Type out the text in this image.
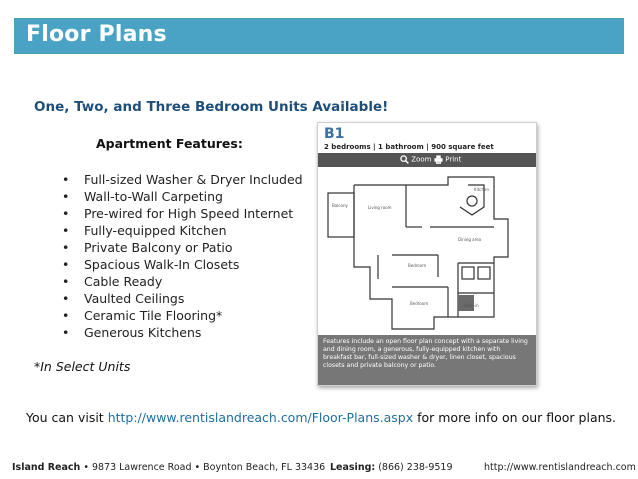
Floor Plans
One, Two, and Three Bedroom Units Available!
Apartment Features:
• Full-sized Washer & Dryer Included
• Wall-to-Wall Carpeting
• Pre-wired for High Speed Internet
• Fully-equipped Kitchen
• Private Balcony or Patio
• Spacious Walk-In Closets
• Cable Ready
• Vaulted Ceilings
• Ceramic Tile Flooring*
• Generous Kitchens
*In Select Units
B1
2 bedrooms | 1 bathroom | 900 square feet
Zoom	Print
Living room
Dining area
Bedroom
Bedroom
Kitchen
Balcony
Walk-in
Features include an open floor plan concept with a separate living and dining room, a generous, fully-equipped kitchen with breakfast bar, full-sized washer & dryer, linen closet, spacious closets and private balcony or patio.
You can visit http://www.rentislandreach.com/Floor-Plans.aspx for more info on our floor plans.
Island Reach • 9873 Lawrence Road • Boynton Beach, FL 33436 Leasing: (866) 238-9519	http://www.rentislandreach.com
